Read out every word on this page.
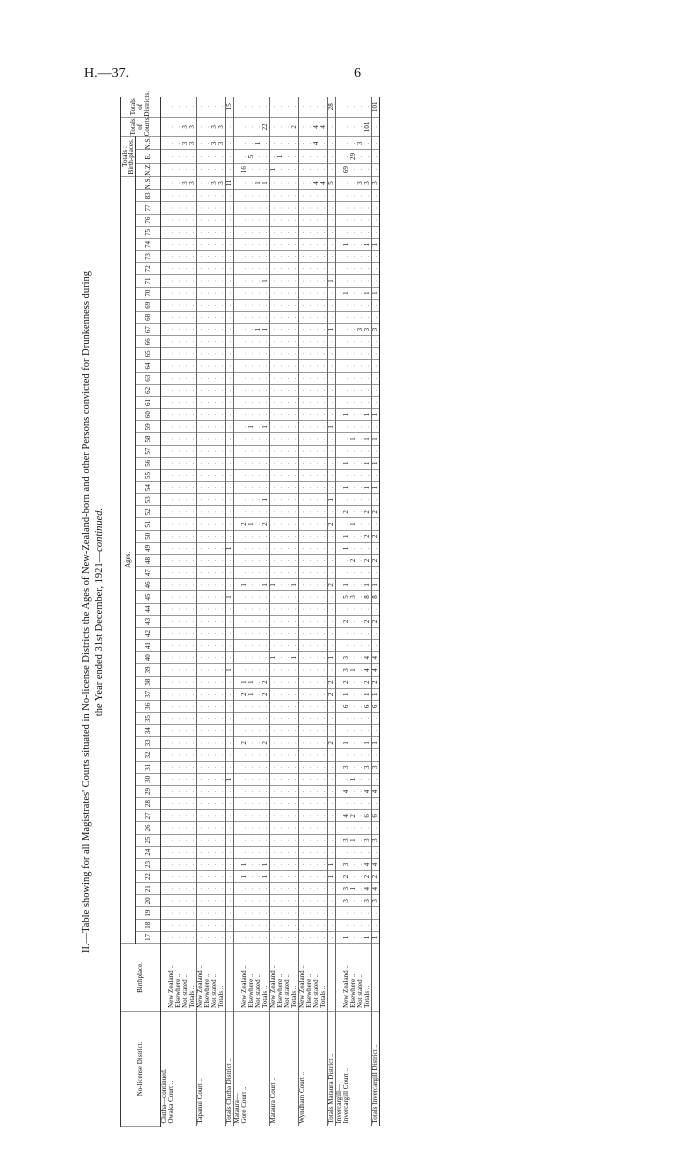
H.—37.	6
II.—Table showing for all Magistrates' Courts situated in No-license Districts the Ages of New-Zealand-born and other Persons convicted for Drunkenness during the Year ended 31st December, 1921—continued.
No-license District.	Birthplace.	Ages.	Totals : Birth-places.	Totals of Courts.	Totals of Districts.
17	18	19	20	21	22	23	24	25	26	27	28	29	30	31	32	33	34	35	36	37	38	39	40	41	42	43	44	45	46	47	48	49	50	51	52	53	54	55	56	57	58	59	60	61	62	63	64	65	66	67	68	69	70	71	72	73	74	75	76	77	83	N.S.	N.Z.	E.	N.S.
Clutha—continued.																																																																					
Owaka Court ..	New Zealand ..	.	.	.	.	.	.	.	.	.	.	.	.	.	.	.	.	.	.	.	.	.	.	.	.	.	.	.	.	.	.	.	.	.	.	.	.	.	.	.	.	.	.	.	.	.	.	.	.	.	.	.	.	.	.	.	.	.	.	.	.	.	.	.	.	.	.	.	.
	Elsewhere ..	.	.	.	.	.	.	.	.	.	.	.	.	.	.	.	.	.	.	.	.	.	.	.	.	.	.	.	.	.	.	.	.	.	.	.	.	.	.	.	.	.	.	.	.	.	.	.	.	.	.	.	.	.	.	.	.	.	.	.	.	.	.	.	.	.	.	.	.
	Not stated ..	.	.	.	.	.	.	.	.	.	.	.	.	.	.	.	.	.	.	.	.	.	.	.	.	.	.	.	.	.	.	.	.	.	.	.	.	.	.	.	.	.	.	.	.	.	.	.	.	.	.	.	.	.	.	.	.	.	.	.	.	.	.	3	.	.	3	3	.
	Totals ..	.	.	.	.	.	.	.	.	.	.	.	.	.	.	.	.	.	.	.	.	.	.	.	.	.	.	.	.	.	.	.	.	.	.	.	.	.	.	.	.	.	.	.	.	.	.	.	.	.	.	.	.	.	.	.	.	.	.	.	.	.	.	3	.	.	3	3	.
Tapanui Court ..	New Zealand ..	.	.	.	.	.	.	.	.	.	.	.	.	.	.	.	.	.	.	.	.	.	.	.	.	.	.	.	.	.	.	.	.	.	.	.	.	.	.	.	.	.	.	.	.	.	.	.	.	.	.	.	.	.	.	.	.	.	.	.	.	.	.	.	.	.	.	.	.
	Elsewhere ..	.	.	.	.	.	.	.	.	.	.	.	.	.	.	.	.	.	.	.	.	.	.	.	.	.	.	.	.	.	.	.	.	.	.	.	.	.	.	.	.	.	.	.	.	.	.	.	.	.	.	.	.	.	.	.	.	.	.	.	.	.	.	.	.	.	.	.	.
	Not stated ..	.	.	.	.	.	.	.	.	.	.	.	.	.	.	.	.	.	.	.	.	.	.	.	.	.	.	.	.	.	.	.	.	.	.	.	.	.	.	.	.	.	.	.	.	.	.	.	.	.	.	.	.	.	.	.	.	.	.	.	.	.	.	3	.	.	3	3	.
	Totals ..	.	.	.	.	.	.	.	.	.	.	.	.	.	.	.	.	.	.	.	.	.	.	.	.	.	.	.	.	.	.	.	.	.	.	.	.	.	.	.	.	.	.	.	.	.	.	.	.	.	.	.	.	.	.	.	.	.	.	.	.	.	.	3	.	.	3	3	.
Totals Clutha District ..		.	.	.	.	.	.	.	.	.	.	.	.	.	1	.	.	.	.	.	.	.	.	1	.	.	.	.	.	1	.	.	.	1	.	.	.	.	.	.	.	.	.	.	.	.	.	.	.	.	.	.	.	.	.	.	.	.	.	.	.	.	.	11	.	.	.	.	15
Mataura—																																																																					
Gore Court ..	New Zealand ..	.	.	.	.	.	1	1	.	.	.	.	.	.	.	.	.	2	.	.	.	2	1	.	.	.	.	.	.	.	1	.	.	.	.	2	.	.	.	.	.	.	.	.	.	.	.	.	.	.	.	.	.	.	.	.	.	.	.	.	.	.	.	.	16	.	.	.	.
	Elsewhere ..	.	.	.	.	.	.	.	.	.	.	.	.	.	.	.	.	.	.	.	.	1	1	.	.	.	.	.	.	.	.	.	.	.	.	1	.	.	.	.	.	.	.	1	.	.	.	.	.	.	.	.	.	.	.	.	.	.	.	.	.	.	.	.	.	5	.	.	.
	Not stated ..	.	.	.	.	.	.	.	.	.	.	.	.	.	.	.	.	.	.	.	.	.	.	.	.	.	.	.	.	.	.	.	.	.	.	.	.	.	.	.	.	.	.	.	.	.	.	.	.	.	.	1	.	.	.	.	.	.	.	.	.	.	.	1	.	.	1	.	.
	Totals ..	.	.	.	.	.	1	1	.	.	.	.	.	.	.	.	.	2	.	.	.	2	2	.	.	.	.	.	.	.	1	.	.	.	.	2	.	1	.	.	.	.	.	1	.	.	.	.	.	.	.	1	.	.	.	1	.	.	.	.	.	.	.	1	.	.	.	22	.
Mataura Court ..	New Zealand ..	.	.	.	.	.	.	.	.	.	.	.	.	.	.	.	.	.	.	.	.	.	.	.	1	.	.	.	.	.	1	.	.	.	.	.	.	.	.	.	.	.	.	.	.	.	.	.	.	.	.	.	.	.	.	.	.	.	.	.	.	.	.	.	1	.	.	.	.
	Elsewhere ..	.	.	.	.	.	.	.	.	.	.	.	.	.	.	.	.	.	.	.	.	.	.	.	.	.	.	.	.	.	.	.	.	.	.	.	.	.	.	.	.	.	.	.	.	.	.	.	.	.	.	.	.	.	.	.	.	.	.	.	.	.	.	.	.	1	.	.	.
	Not stated ..	.	.	.	.	.	.	.	.	.	.	.	.	.	.	.	.	.	.	.	.	.	.	.	.	.	.	.	.	.	.	.	.	.	.	.	.	.	.	.	.	.	.	.	.	.	.	.	.	.	.	.	.	.	.	.	.	.	.	.	.	.	.	.	.	.	.	.	.
	Totals ..	.	.	.	.	.	.	.	.	.	.	.	.	.	.	.	.	.	.	.	.	.	.	.	1	.	.	.	.	.	1	.	.	.	.	.	.	.	.	.	.	.	.	.	.	.	.	.	.	.	.	.	.	.	.	.	.	.	.	.	.	.	.	.	.	.	.	2	.
Wyndham Court ..	New Zealand ..	.	.	.	.	.	.	.	.	.	.	.	.	.	.	.	.	.	.	.	.	.	.	.	.	.	.	.	.	.	.	.	.	.	.	.	.	.	.	.	.	.	.	.	.	.	.	.	.	.	.	.	.	.	.	.	.	.	.	.	.	.	.	.	.	.	.	.	.
	Elsewhere ..	.	.	.	.	.	.	.	.	.	.	.	.	.	.	.	.	.	.	.	.	.	.	.	.	.	.	.	.	.	.	.	.	.	.	.	.	.	.	.	.	.	.	.	.	.	.	.	.	.	.	.	.	.	.	.	.	.	.	.	.	.	.	.	.	.	.	.	.
	Not stated ..	.	.	.	.	.	.	.	.	.	.	.	.	.	.	.	.	.	.	.	.	.	.	.	.	.	.	.	.	.	.	.	.	.	.	.	.	.	.	.	.	.	.	.	.	.	.	.	.	.	.	.	.	.	.	.	.	.	.	.	.	.	.	4	.	.	4	4	.
	Totals ..	.	.	.	.	.	.	.	.	.	.	.	.	.	.	.	.	.	.	.	.	.	.	.	.	.	.	.	.	.	.	.	.	.	.	.	.	.	.	.	.	.	.	.	.	.	.	.	.	.	.	.	.	.	.	.	.	.	.	.	.	.	.	4	.	.	.	4	.
Totals Mataura District ..		.	.	.	.	.	1	1	.	.	.	.	.	.	.	.	.	2	.	.	.	2	2	.	1	.	.	.	.	.	2	.	.	.	.	2	.	1	.	.	.	.	.	1	.	.	.	.	.	.	.	1	.	.	.	1	.	.	.	.	.	.	.	5	.	.	.	.	28
Invercargill—																																																																					
Invercargill Court ..	New Zealand ..	1	.	.	3	3	2	3	.	3	.	4	.	4	.	3	.	1	.	.	6	1	2	3	3	.	.	2	.	5	1	.	.	1	1	.	2	.	1	.	1	.	.	.	1	.	.	.	.	.	.	.	.	.	1	.	.	.	1	.	.	.	.	.	69	.	.	.	.
	Elsewhere ..	.	.	.	.	1	.	.	.	1	.	2	.	.	1	.	.	.	.	.	.	.	.	1	.	.	.	.	.	3	.	.	2	.	.	1	.	.	.	.	.	.	1	.	.	.	.	.	.	.	.	.	.	.	.	.	.	.	.	.	.	.	.	.	.	29	.	.	.
	Not stated ..	.	.	.	.	.	.	.	.	.	.	.	.	.	.	.	.	.	.	.	.	.	.	.	.	.	.	.	.	.	.	.	.	.	.	.	.	.	.	.	.	.	.	.	.	.	.	.	.	.	.	3	.	.	.	.	.	.	.	.	.	.	.	3	.	.	3	.	.
	Totals ..	1	.	.	3	4	2	4	.	3	.	6	.	4	.	3	.	1	.	.	6	1	2	4	4	.	.	2	.	8	1	.	2	.	2	.	2	.	1	.	1	.	1	.	1	.	.	.	.	.	.	3	.	.	1	.	.	.	1	.	.	.	.	3	.	.	.	101	.
Totals Invercargill District ..		1	.	.	3	4	2	4	.	3	.	6	.	4	.	3	.	1	.	.	6	1	2	4	4	.	.	2	.	8	1	.	2	.	2	.	2	.	1	.	1	.	1	.	1	.	.	.	.	.	.	3	.	.	1	.	.	.	1	.	.	.	.	3	.	.	.	.	101
